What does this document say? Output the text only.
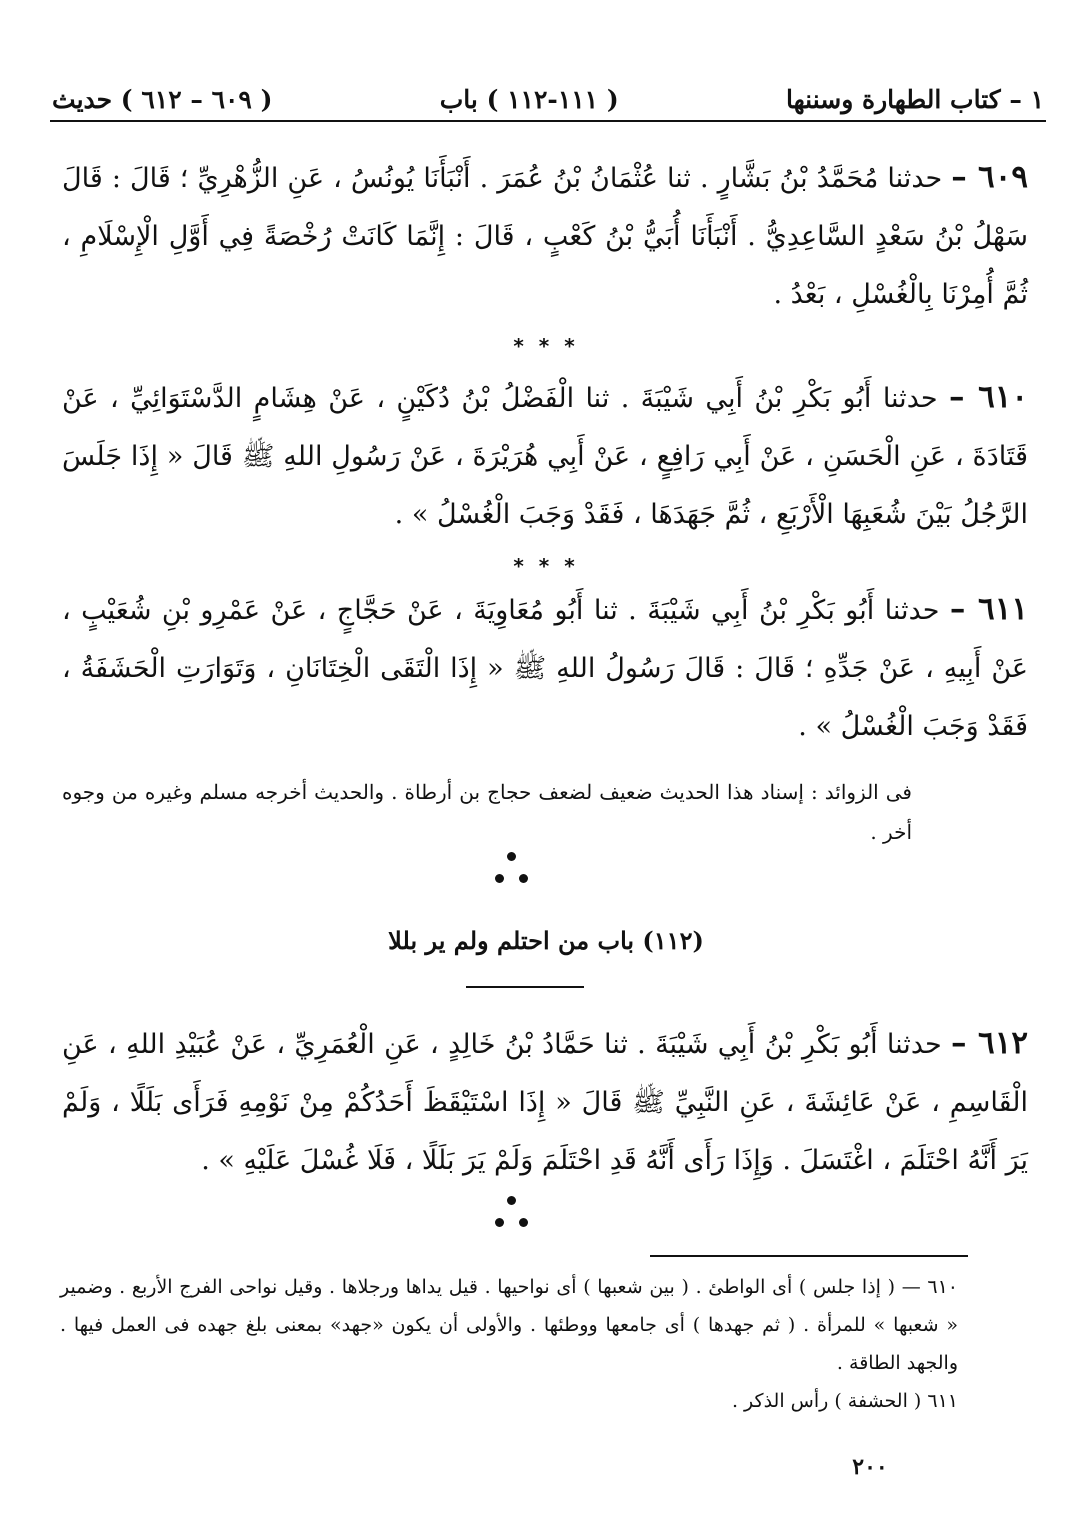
١ – كتاب الطهارة وسننها
( ١١١-١١٢ ) باب
( ٦٠٩ – ٦١٢ ) حديث
٦٠٩ – حدثنا مُحَمَّدُ بْنُ بَشَّارٍ . ثنا عُثْمَانُ بْنُ عُمَرَ . أَنْبَأَنَا يُونُسُ ، عَنِ الزُّهْرِيِّ ؛ قَالَ : قَالَ سَهْلُ بْنُ سَعْدٍ السَّاعِدِيُّ . أَنْبَأَنَا أُبَيُّ بْنُ كَعْبٍ ، قَالَ : إِنَّمَا كَانَتْ رُخْصَةً فِي أَوَّلِ الْإِسْلَامِ ، ثُمَّ أُمِرْنَا بِالْغُسْلِ ، بَعْدُ .
* * *
٦١٠ – حدثنا أَبُو بَكْرِ بْنُ أَبِي شَيْبَةَ . ثنا الْفَضْلُ بْنُ دُكَيْنٍ ، عَنْ هِشَامٍ الدَّسْتَوَائِيِّ ، عَنْ قَتَادَةَ ، عَنِ الْحَسَنِ ، عَنْ أَبِي رَافِعٍ ، عَنْ أَبِي هُرَيْرَةَ ، عَنْ رَسُولِ اللهِ ﷺ قَالَ « إِذَا جَلَسَ الرَّجُلُ بَيْنَ شُعَبِهَا الْأَرْبَعِ ، ثُمَّ جَهَدَهَا ، فَقَدْ وَجَبَ الْغُسْلُ » .
* * *
٦١١ – حدثنا أَبُو بَكْرِ بْنُ أَبِي شَيْبَةَ . ثنا أَبُو مُعَاوِيَةَ ، عَنْ حَجَّاجٍ ، عَنْ عَمْرِو بْنِ شُعَيْبٍ ، عَنْ أَبِيهِ ، عَنْ جَدِّهِ ؛ قَالَ : قَالَ رَسُولُ اللهِ ﷺ « إِذَا الْتَقَى الْخِتَانَانِ ، وَتَوَارَتِ الْحَشَفَةُ ، فَقَدْ وَجَبَ الْغُسْلُ » .
فى الزوائد : إسناد هذا الحديث ضعيف لضعف حجاج بن أرطاة . والحديث أخرجه مسلم وغيره من وجوه أخر .
(١١٢) باب من احتلم ولم ير بللا
٦١٢ – حدثنا أَبُو بَكْرِ بْنُ أَبِي شَيْبَةَ . ثنا حَمَّادُ بْنُ خَالِدٍ ، عَنِ الْعُمَرِيِّ ، عَنْ عُبَيْدِ اللهِ ، عَنِ الْقَاسِمِ ، عَنْ عَائِشَةَ ، عَنِ النَّبِيِّ ﷺ قَالَ « إِذَا اسْتَيْقَظَ أَحَدُكُمْ مِنْ نَوْمِهِ فَرَأَى بَلَلًا ، وَلَمْ يَرَ أَنَّهُ احْتَلَمَ ، اغْتَسَلَ . وَإِذَا رَأَى أَنَّهُ قَدِ احْتَلَمَ وَلَمْ يَرَ بَلَلًا ، فَلَا غُسْلَ عَلَيْهِ » .

٦١٠ — ( إذا جلس ) أى الواطئ . ( بين شعبها ) أى نواحيها . قيل يداها ورجلاها . وقيل نواحى الفرج الأربع . وضمير « شعبها » للمرأة . ( ثم جهدها ) أى جامعها ووطئها . والأولى أن يكون «جهد» بمعنى بلغ جهده فى العمل فيها . والجهد الطاقة .

٦١١ ( الحشفة ) رأس الذكر .

٢٠٠
